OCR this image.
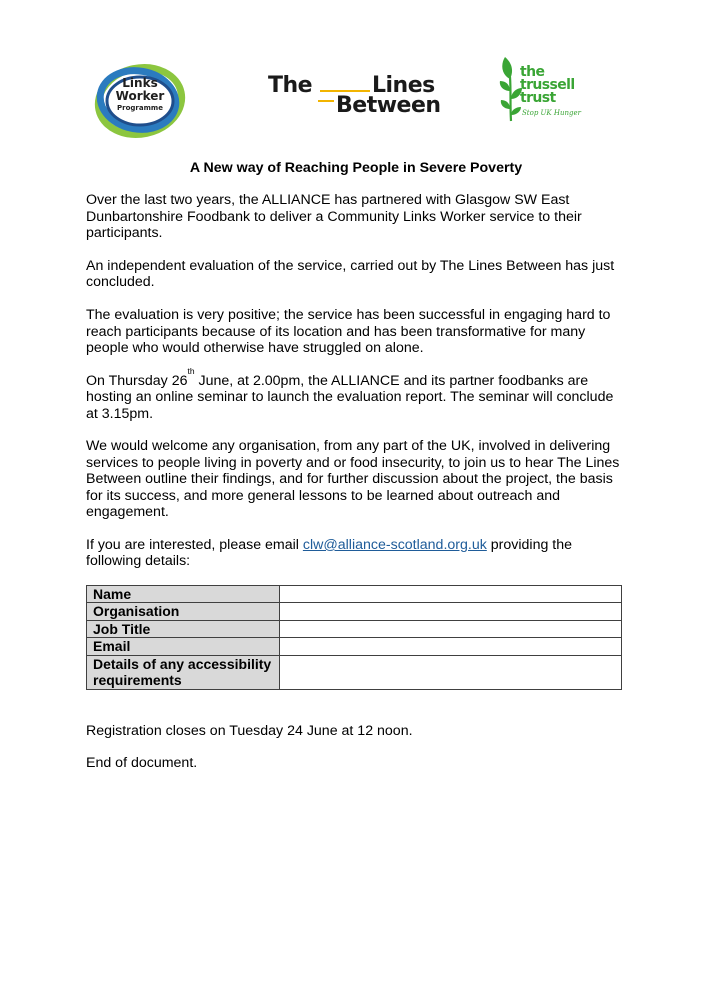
Links
Worker
Programme
The	Lines
Between
the
trussell
trust
Stop UK Hunger
A New way of Reaching People in Severe Poverty

Over the last two years, the ALLIANCE has partnered with Glasgow SW East Dunbartonshire Foodbank to deliver a Community Links Worker service to their participants.

An independent evaluation of the service, carried out by The Lines Between has just concluded.

The evaluation is very positive; the service has been successful in engaging hard to reach participants because of its location and has been transformative for many people who would otherwise have struggled on alone.

On Thursday 26th June, at 2.00pm, the ALLIANCE and its partner foodbanks are hosting an online seminar to launch the evaluation report. The seminar will conclude at 3.15pm.

We would welcome any organisation, from any part of the UK, involved in delivering services to people living in poverty and or food insecurity, to join us to hear The Lines Between outline their findings, and for further discussion about the project, the basis for its success, and more general lessons to be learned about outreach and engagement.

If you are interested, please email clw@alliance-scotland.org.uk providing the following details:

Name	
Organisation	
Job Title	
Email	
Details of any accessibility requirements	

Registration closes on Tuesday 24 June at 12 noon.

End of document.
